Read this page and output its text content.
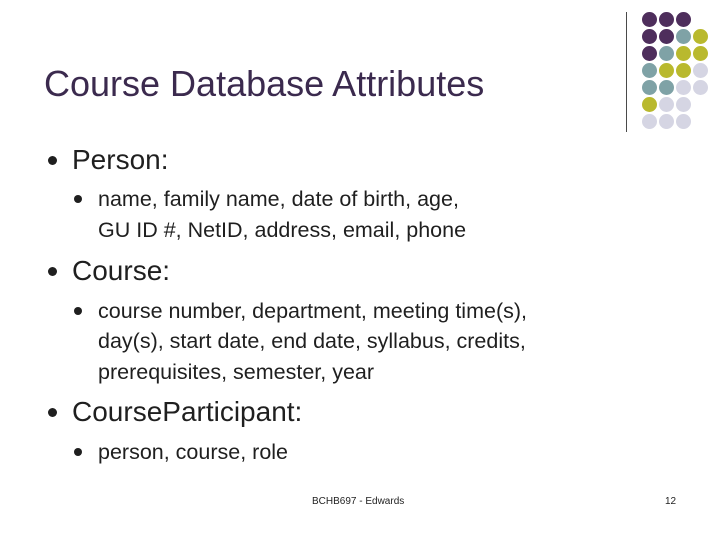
Course Database Attributes
Person:
name, family name, date of birth, age,
GU ID #, NetID, address, email, phone
Course:
course number, department, meeting time(s),
day(s), start date, end date, syllabus, credits,
prerequisites, semester, year
CourseParticipant:
person, course, role
BCHB697 - Edwards	12
